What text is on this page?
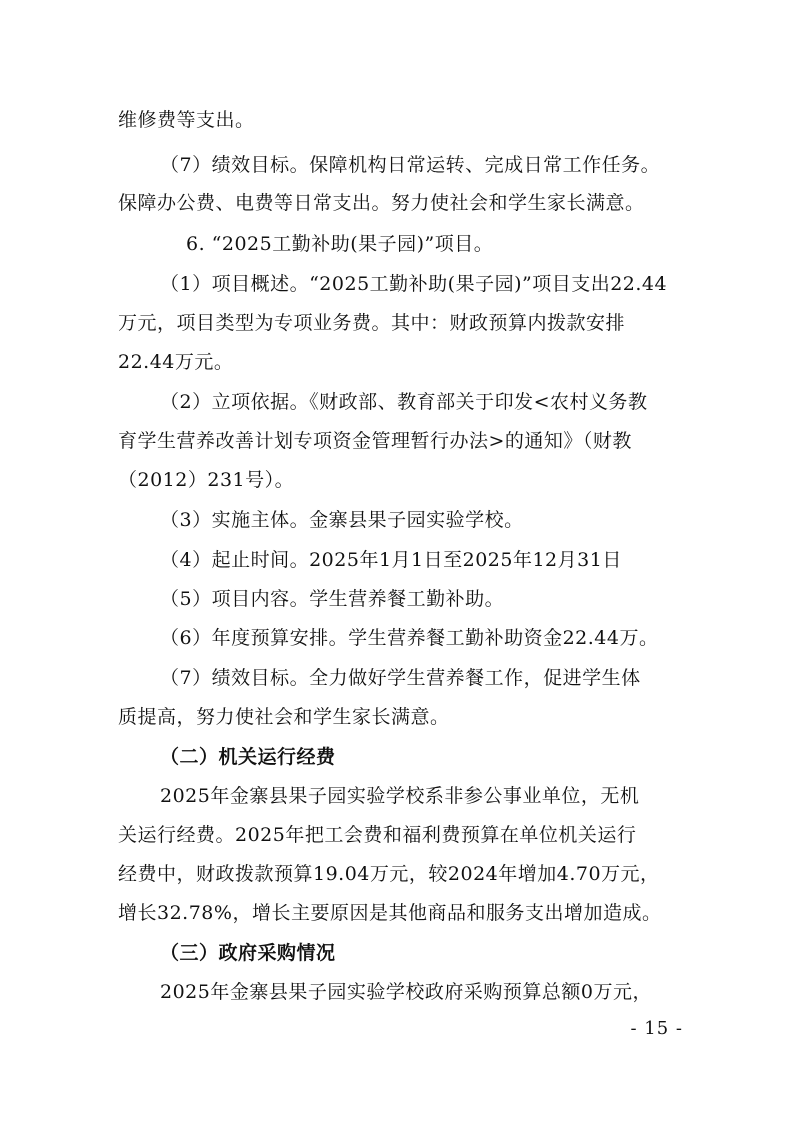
维修费等支出。
（7）绩效目标。保障机构日常运转、完成日常工作任务。
保障办公费、电费等日常支出。努力使社会和学生家长满意。
6. “2025工勤补助(果子园)”项目。
（1）项目概述。“2025工勤补助(果子园)”项目支出22.44
万元，项目类型为专项业务费。其中：财政预算内拨款安排
22.44万元。
（2）立项依据。《财政部、教育部关于印发<农村义务教
育学生营养改善计划专项资金管理暂行办法>的通知》（财教
（2012）231号）。
（3）实施主体。金寨县果子园实验学校。
（4）起止时间。2025年1月1日至2025年12月31日
（5）项目内容。学生营养餐工勤补助。
（6）年度预算安排。学生营养餐工勤补助资金22.44万。
（7）绩效目标。全力做好学生营养餐工作，促进学生体
质提高，努力使社会和学生家长满意。
（二）机关运行经费
2025年金寨县果子园实验学校系非参公事业单位，无机
关运行经费。2025年把工会费和福利费预算在单位机关运行
经费中，财政拨款预算19.04万元，较2024年增加4.70万元，
增长32.78%，增长主要原因是其他商品和服务支出增加造成。
（三）政府采购情况
2025年金寨县果子园实验学校政府采购预算总额0万元，
- 15 -
